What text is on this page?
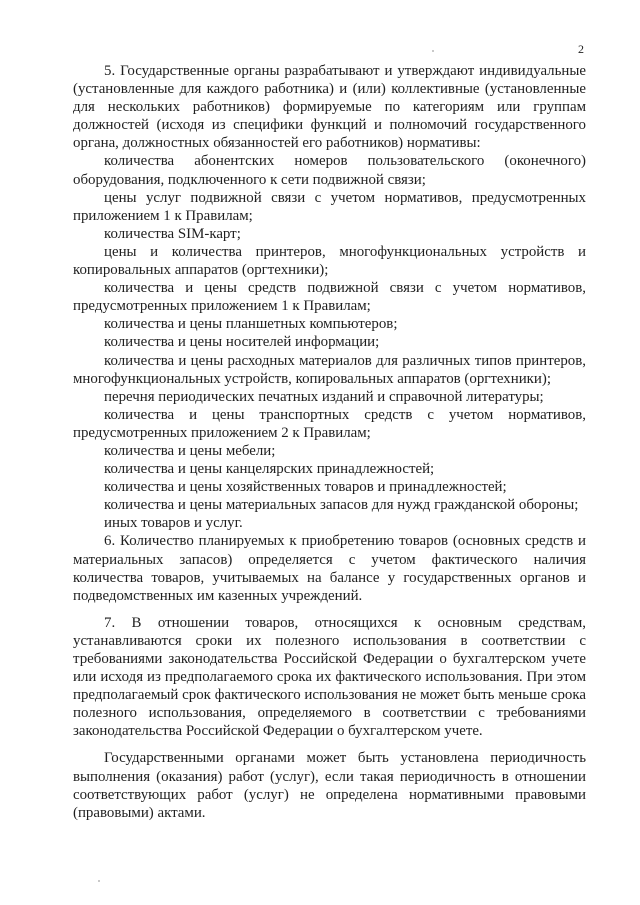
2

5. Государственные органы разрабатывают и утверждают индивидуальные (установленные для каждого работника) и (или) коллективные (установленные для нескольких работников) формируемые по категориям или группам должностей (исходя из специфики функций и полномочий государственного органа, должностных обязанностей его работников) нормативы:

количества абонентских номеров пользовательского (оконечного) оборудования, подключенного к сети подвижной связи;

цены услуг подвижной связи с учетом нормативов, предусмотренных приложением 1 к Правилам;

количества SIM-карт;

цены и количества принтеров, многофункциональных устройств и копировальных аппаратов (оргтехники);

количества и цены средств подвижной связи с учетом нормативов, предусмотренных приложением 1 к Правилам;

количества и цены планшетных компьютеров;

количества и цены носителей информации;

количества и цены расходных материалов для различных типов принтеров, многофункциональных устройств, копировальных аппаратов (оргтехники);

перечня периодических печатных изданий и справочной литературы;

количества и цены транспортных средств с учетом нормативов, предусмотренных приложением 2 к Правилам;

количества и цены мебели;

количества и цены канцелярских принадлежностей;

количества и цены хозяйственных товаров и принадлежностей;

количества и цены материальных запасов для нужд гражданской обороны;

иных товаров и услуг.

6. Количество планируемых к приобретению товаров (основных средств и материальных запасов) определяется с учетом фактического наличия количества товаров, учитываемых на балансе у государственных органов и подведомственных им казенных учреждений.

7. В отношении товаров, относящихся к основным средствам, устанавливаются сроки их полезного использования в соответствии с требованиями законодательства Российской Федерации о бухгалтерском учете или исходя из предполагаемого срока их фактического использования. При этом предполагаемый срок фактического использования не может быть меньше срока полезного использования, определяемого в соответствии с требованиями законодательства Российской Федерации о бухгалтерском учете.

Государственными органами может быть установлена периодичность выполнения (оказания) работ (услуг), если такая периодичность в отношении соответствующих работ (услуг) не определена нормативными правовыми (правовыми) актами.
